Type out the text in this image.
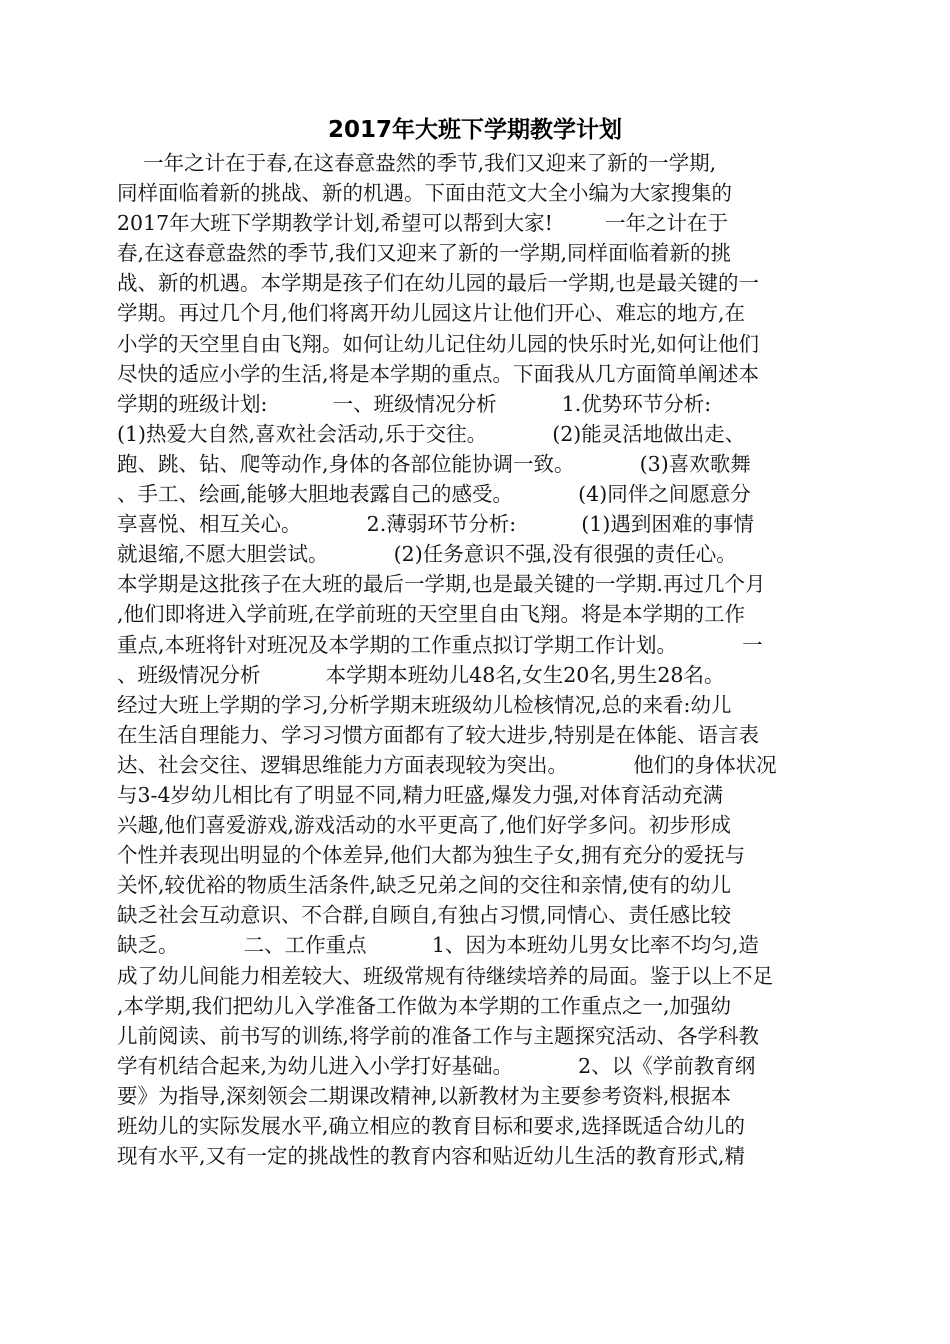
2017年大班下学期教学计划
一年之计在于春,在这春意盎然的季节,我们又迎来了新的一学期,
同样面临着新的挑战、新的机遇。下面由范文大全小编为大家搜集的
2017年大班下学期教学计划,希望可以帮到大家!        一年之计在于
春,在这春意盎然的季节,我们又迎来了新的一学期,同样面临着新的挑
战、新的机遇。本学期是孩子们在幼儿园的最后一学期,也是最关键的一
学期。再过几个月,他们将离开幼儿园这片让他们开心、难忘的地方,在
小学的天空里自由飞翔。如何让幼儿记住幼儿园的快乐时光,如何让他们
尽快的适应小学的生活,将是本学期的重点。下面我从几方面简单阐述本
学期的班级计划:          一、班级情况分析          1.优势环节分析:
(1)热爱大自然,喜欢社会活动,乐于交往。          (2)能灵活地做出走、
跑、跳、钻、爬等动作,身体的各部位能协调一致。          (3)喜欢歌舞
、手工、绘画,能够大胆地表露自己的感受。          (4)同伴之间愿意分
享喜悦、相互关心。          2.薄弱环节分析:          (1)遇到困难的事情
就退缩,不愿大胆尝试。          (2)任务意识不强,没有很强的责任心。
本学期是这批孩子在大班的最后一学期,也是最关键的一学期.再过几个月
,他们即将进入学前班,在学前班的天空里自由飞翔。将是本学期的工作
重点,本班将针对班况及本学期的工作重点拟订学期工作计划。          一
、班级情况分析          本学期本班幼儿48名,女生20名,男生28名。
经过大班上学期的学习,分析学期末班级幼儿检核情况,总的来看:幼儿
在生活自理能力、学习习惯方面都有了较大进步,特别是在体能、语言表
达、社会交往、逻辑思维能力方面表现较为突出。          他们的身体状况
与3-4岁幼儿相比有了明显不同,精力旺盛,爆发力强,对体育活动充满
兴趣,他们喜爱游戏,游戏活动的水平更高了,他们好学多问。初步形成
个性并表现出明显的个体差异,他们大都为独生子女,拥有充分的爱抚与
关怀,较优裕的物质生活条件,缺乏兄弟之间的交往和亲情,使有的幼儿
缺乏社会互动意识、不合群,自顾自,有独占习惯,同情心、责任感比较
缺乏。          二、工作重点          1、因为本班幼儿男女比率不均匀,造
成了幼儿间能力相差较大、班级常规有待继续培养的局面。鉴于以上不足
,本学期,我们把幼儿入学准备工作做为本学期的工作重点之一,加强幼
儿前阅读、前书写的训练,将学前的准备工作与主题探究活动、各学科教
学有机结合起来,为幼儿进入小学打好基础。          2、以《学前教育纲
要》为指导,深刻领会二期课改精神,以新教材为主要参考资料,根据本
班幼儿的实际发展水平,确立相应的教育目标和要求,选择既适合幼儿的
现有水平,又有一定的挑战性的教育内容和贴近幼儿生活的教育形式,精
